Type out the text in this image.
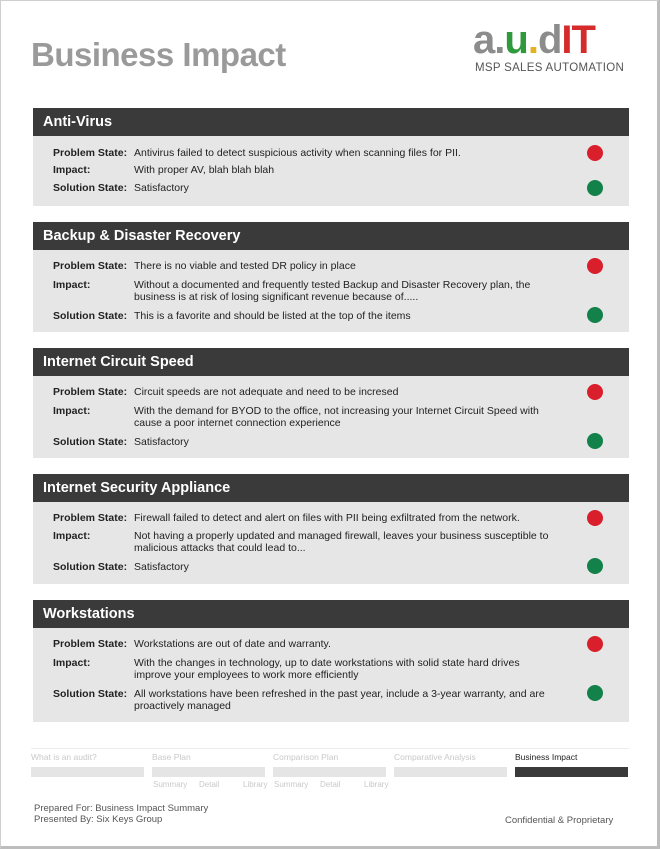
Business Impact	a.u.dIT
MSP SALES AUTOMATION
Anti-Virus
Problem State: Antivirus failed to detect suspicious activity when scanning files for PII.
Impact:	With proper AV, blah blah blah
Solution State: Satisfactory
Backup & Disaster Recovery
Problem State: There is no viable and tested DR policy in place
Impact:	Without a documented and frequently tested Backup and Disaster Recovery plan, the business is at risk of losing significant revenue because of.....
Solution State: This is a favorite and should be listed at the top of the items
Internet Circuit Speed
Problem State: Circuit speeds are not adequate and need to be incresed
Impact:	With the demand for BYOD to the office, not increasing your Internet Circuit Speed with cause a poor internet connection experience
Solution State: Satisfactory
Internet Security Appliance
Problem State: Firewall failed to detect and alert on files with PII being exfiltrated from the network.
Impact:	Not having a properly updated and managed firewall, leaves your business susceptible to malicious attacks that could lead to...
Solution State: Satisfactory
Workstations
Problem State: Workstations are out of date and warranty.
Impact:	With the changes in technology, up to date workstations with solid state hard drives improve your employees to work more efficiently
Solution State: All workstations have been refreshed in the past year, include a 3-year warranty, and are proactively managed
What is an audit?	Base Plan	Comparison Plan	Comparative Analysis	Business Impact
Summary Detail	Library Summary Detail	Library
Prepared For: Business Impact Summary
Presented By: Six Keys Group	Confidential & Proprietary
